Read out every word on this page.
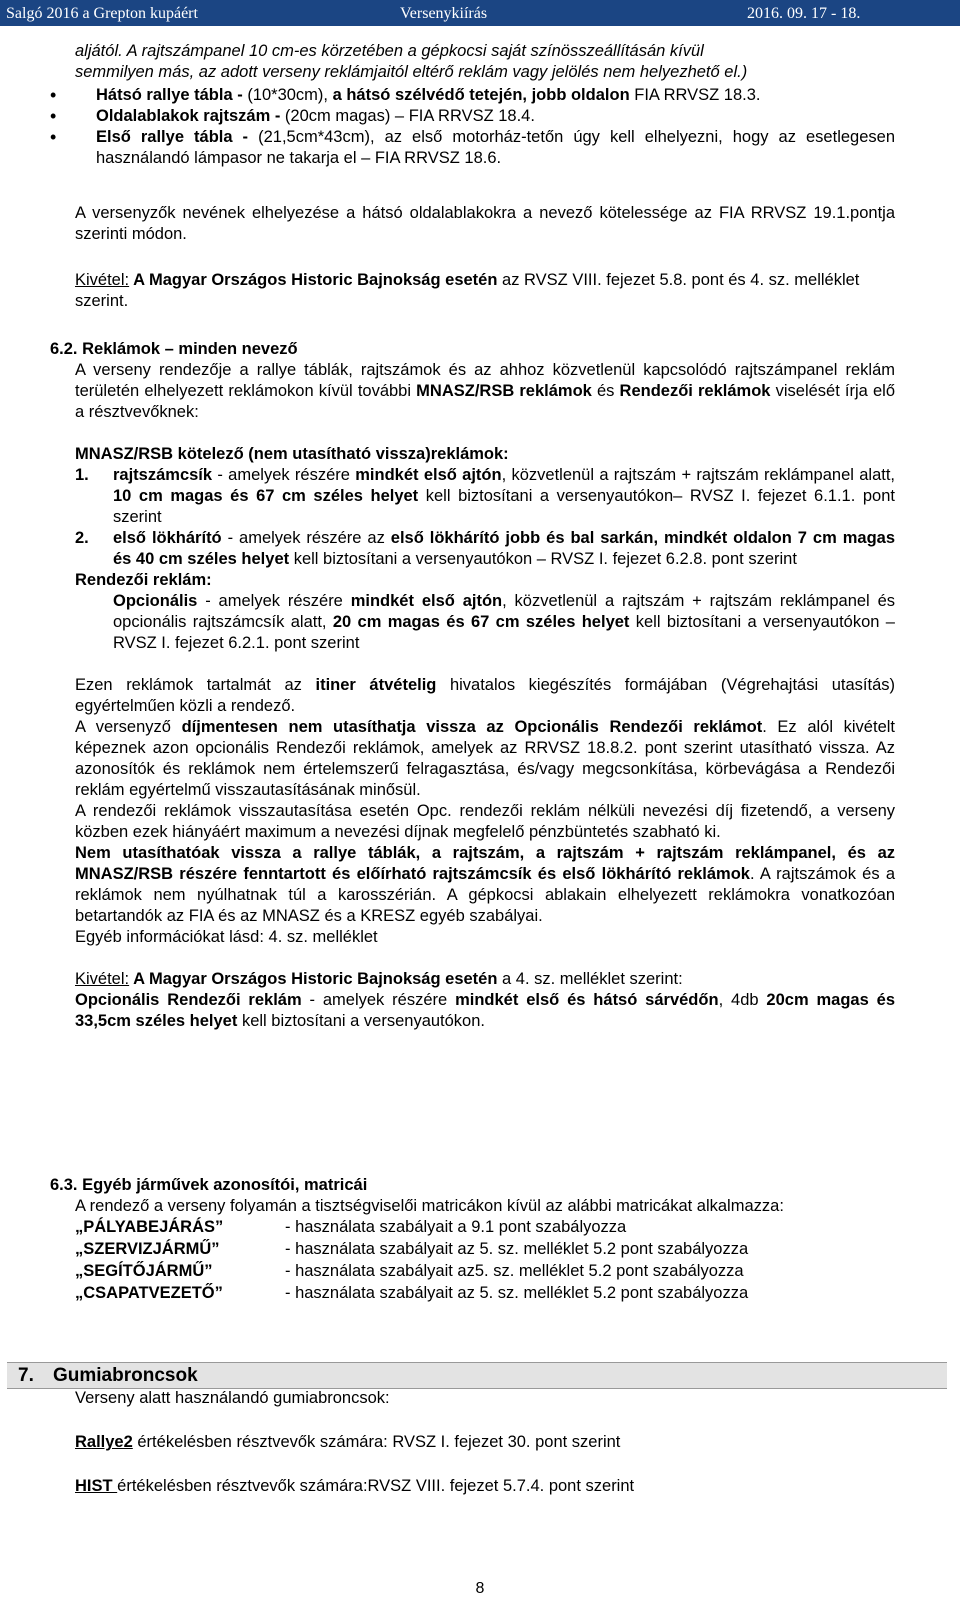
Salgó 2016 a Grepton kupáért	Versenykiírás	2016. 09. 17 - 18.

aljától. A rajtszámpanel 10 cm-es körzetében a gépkocsi saját színösszeállításán kívül

semmilyen más, az adott verseny reklámjaitól eltérő reklám vagy jelölés nem helyezhető el.)

• Hátsó rallye tábla - (10*30cm), a hátsó szélvédő tetején, jobb oldalon FIA RRVSZ 18.3.

• Oldalablakok rajtszám - (20cm magas) – FIA RRVSZ 18.4.

• Első rallye tábla - (21,5cm*43cm), az első motorház-tetőn úgy kell elhelyezni, hogy az esetlegesen használandó lámpasor ne takarja el – FIA RRVSZ 18.6.

A versenyzők nevének elhelyezése a hátsó oldalablakokra a nevező kötelessége az FIA RRVSZ 19.1.pontja szerinti módon.

Kivétel: A Magyar Országos Historic Bajnokság esetén az RVSZ VIII. fejezet 5.8. pont és 4. sz. melléklet szerint.

6.2. Reklámok – minden nevező

A verseny rendezője a rallye táblák, rajtszámok és az ahhoz közvetlenül kapcsolódó rajtszámpanel reklám területén elhelyezett reklámokon kívül további MNASZ/RSB reklámok és Rendezői reklámok viselését írja elő a résztvevőknek:

MNASZ/RSB kötelező (nem utasítható vissza)reklámok:

1. rajtszámcsík - amelyek részére mindkét első ajtón, közvetlenül a rajtszám + rajtszám reklámpanel alatt, 10 cm magas és 67 cm széles helyet kell biztosítani a versenyautókon– RVSZ I. fejezet 6.1.1. pont szerint

2. első lökhárító - amelyek részére az első lökhárító jobb és bal sarkán, mindkét oldalon 7 cm magas és 40 cm széles helyet kell biztosítani a versenyautókon – RVSZ I. fejezet 6.2.8. pont szerint

Rendezői reklám:

Opcionális - amelyek részére mindkét első ajtón, közvetlenül a rajtszám + rajtszám reklámpanel és opcionális rajtszámcsík alatt, 20 cm magas és 67 cm széles helyet kell biztosítani a versenyautókon – RVSZ I. fejezet 6.2.1. pont szerint

Ezen reklámok tartalmát az itiner átvételig hivatalos kiegészítés formájában (Végrehajtási utasítás) egyértelműen közli a rendező.

A versenyző díjmentesen nem utasíthatja vissza az Opcionális Rendezői reklámot. Ez alól kivételt képeznek azon opcionális Rendezői reklámok, amelyek az RRVSZ 18.8.2. pont szerint utasítható vissza. Az azonosítók és reklámok nem értelemszerű felragasztása, és/vagy megcsonkítása, körbevágása a Rendezői reklám egyértelmű visszautasításának minősül.

A rendezői reklámok visszautasítása esetén Opc. rendezői reklám nélküli nevezési díj fizetendő, a verseny közben ezek hiányáért maximum a nevezési díjnak megfelelő pénzbüntetés szabható ki.

Nem utasíthatóak vissza a rallye táblák, a rajtszám, a rajtszám + rajtszám reklámpanel, és az MNASZ/RSB részére fenntartott és előírható rajtszámcsík és első lökhárító reklámok. A rajtszámok és a reklámok nem nyúlhatnak túl a karosszérián. A gépkocsi ablakain elhelyezett reklámokra vonatkozóan betartandók az FIA és az MNASZ és a KRESZ egyéb szabályai.

Egyéb információkat lásd: 4. sz. melléklet

Kivétel: A Magyar Országos Historic Bajnokság esetén a 4. sz. melléklet szerint:

Opcionális Rendezői reklám - amelyek részére mindkét első és hátsó sárvédőn, 4db 20cm magas és 33,5cm széles helyet kell biztosítani a versenyautókon.

6.3. Egyéb járművek azonosítói, matricái

A rendező a verseny folyamán a tisztségviselői matricákon kívül az alábbi matricákat alkalmazza:

„PÁLYABEJÁRÁS”	- használata szabályait a 9.1 pont szabályozza
„SZERVIZJÁRMŰ”	- használata szabályait az 5. sz. melléklet 5.2 pont szabályozza
„SEGÍTŐJÁRMŰ”	- használata szabályait az5. sz. melléklet 5.2 pont szabályozza
„CSAPATVEZETŐ”	- használata szabályait az 5. sz. melléklet 5.2 pont szabályozza
7. Gumiabroncsok

Verseny alatt használandó gumiabroncsok:

Rallye2 értékelésben résztvevők számára: RVSZ I. fejezet 30. pont szerint

HIST értékelésben résztvevők számára:RVSZ VIII. fejezet 5.7.4. pont szerint

8
